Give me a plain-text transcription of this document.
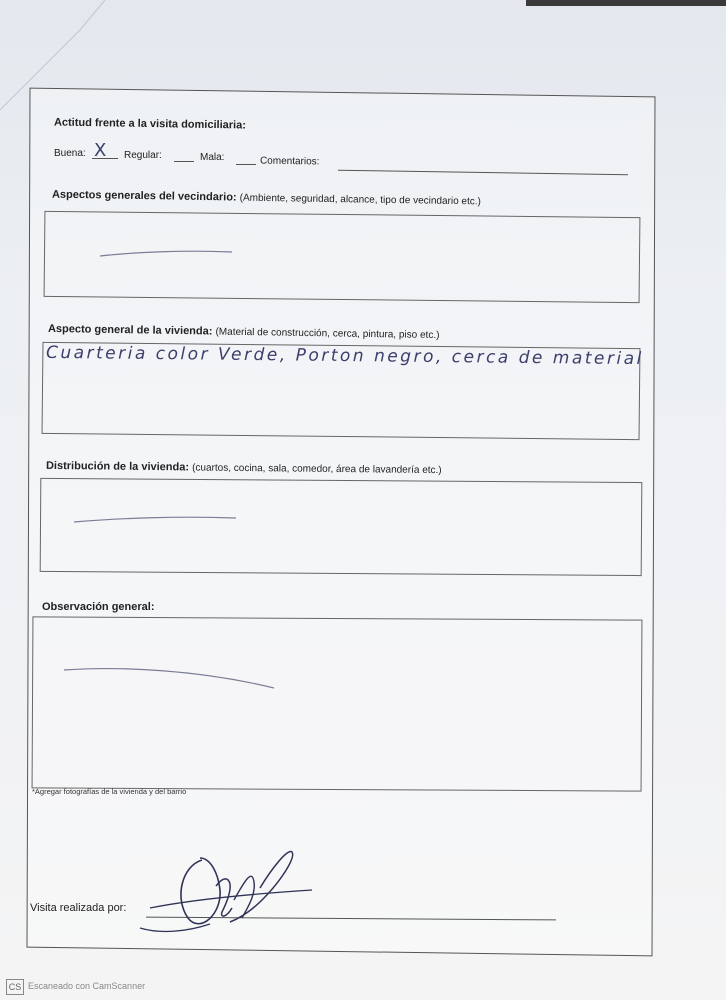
Actitud frente a la visita domiciliaria:
Buena: X Regular:	Mala:	Comentarios:
Aspectos generales del vecindario: (Ambiente, seguridad, alcance, tipo de vecindario etc.)
Aspecto general de la vivienda: (Material de construcción, cerca, pintura, piso etc.)
Cuarteria color Verde, Porton negro, cerca de material
Distribución de la vivienda: (cuartos, cocina, sala, comedor, área de lavandería etc.)
Observación general:
*Agregar fotografías de la vivienda y del barrio
Visita realizada por:
CS Escaneado con CamScanner
